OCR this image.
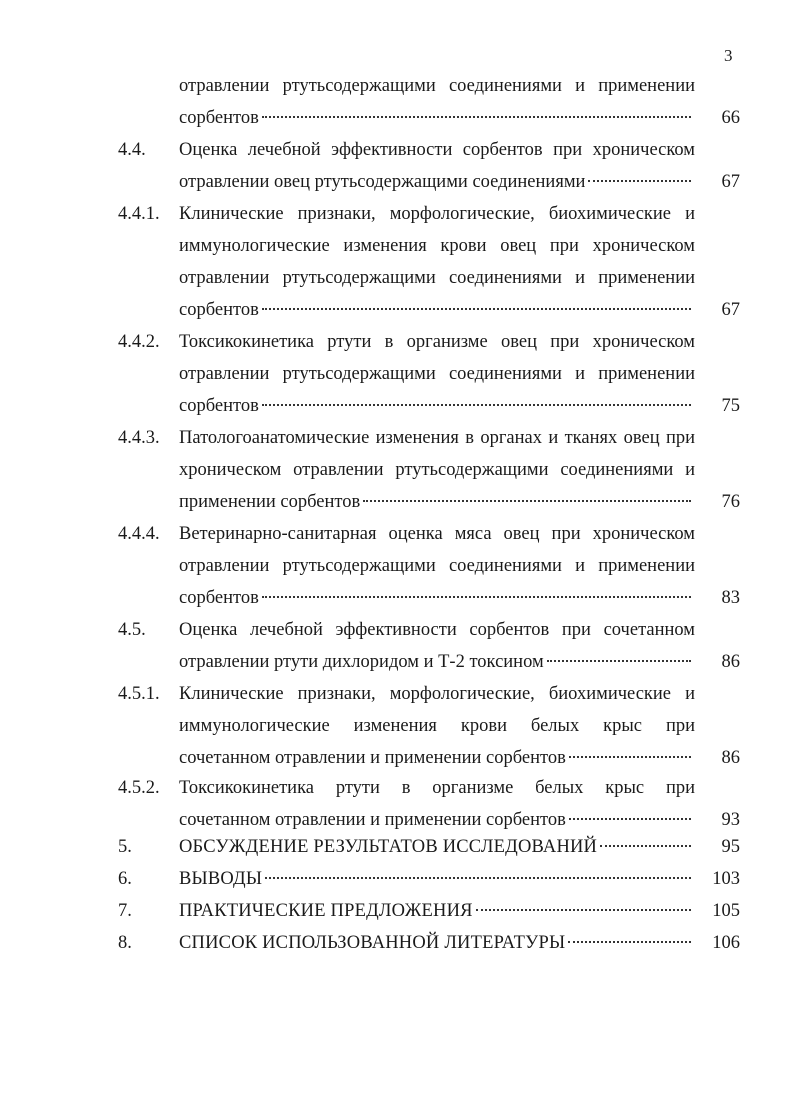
3
отравлении ртутьсодержащими соединениями и применении
сорбентов	66
4.4. Оценка лечебной эффективности сорбентов при хроническом
отравлении овец ртутьсодержащими соединениями	67
4.4.1. Клинические признаки, морфологические, биохимические и
иммунологические изменения крови овец при хроническом
отравлении ртутьсодержащими соединениями и применении
сорбентов	67
4.4.2. Токсикокинетика ртути в организме овец при хроническом
отравлении ртутьсодержащими соединениями и применении
сорбентов	75
4.4.3. Патологоанатомические изменения в органах и тканях овец при
хроническом отравлении ртутьсодержащими соединениями и
применении сорбентов	76
4.4.4. Ветеринарно-санитарная оценка мяса овец при хроническом
отравлении ртутьсодержащими соединениями и применении
сорбентов	83
4.5. Оценка лечебной эффективности сорбентов при сочетанном
отравлении ртути дихлоридом и Т-2 токсином	86
4.5.1. Клинические признаки, морфологические, биохимические и
иммунологические изменения крови белых крыс при
сочетанном отравлении и применении сорбентов	86
4.5.2. Токсикокинетика ртути в организме белых крыс при
сочетанном отравлении и применении сорбентов	93
5.	ОБСУЖДЕНИЕ РЕЗУЛЬТАТОВ ИССЛЕДОВАНИЙ	95
6.	ВЫВОДЫ	103
7.	ПРАКТИЧЕСКИЕ ПРЕДЛОЖЕНИЯ	105
8.	СПИСОК ИСПОЛЬЗОВАННОЙ ЛИТЕРАТУРЫ	106
